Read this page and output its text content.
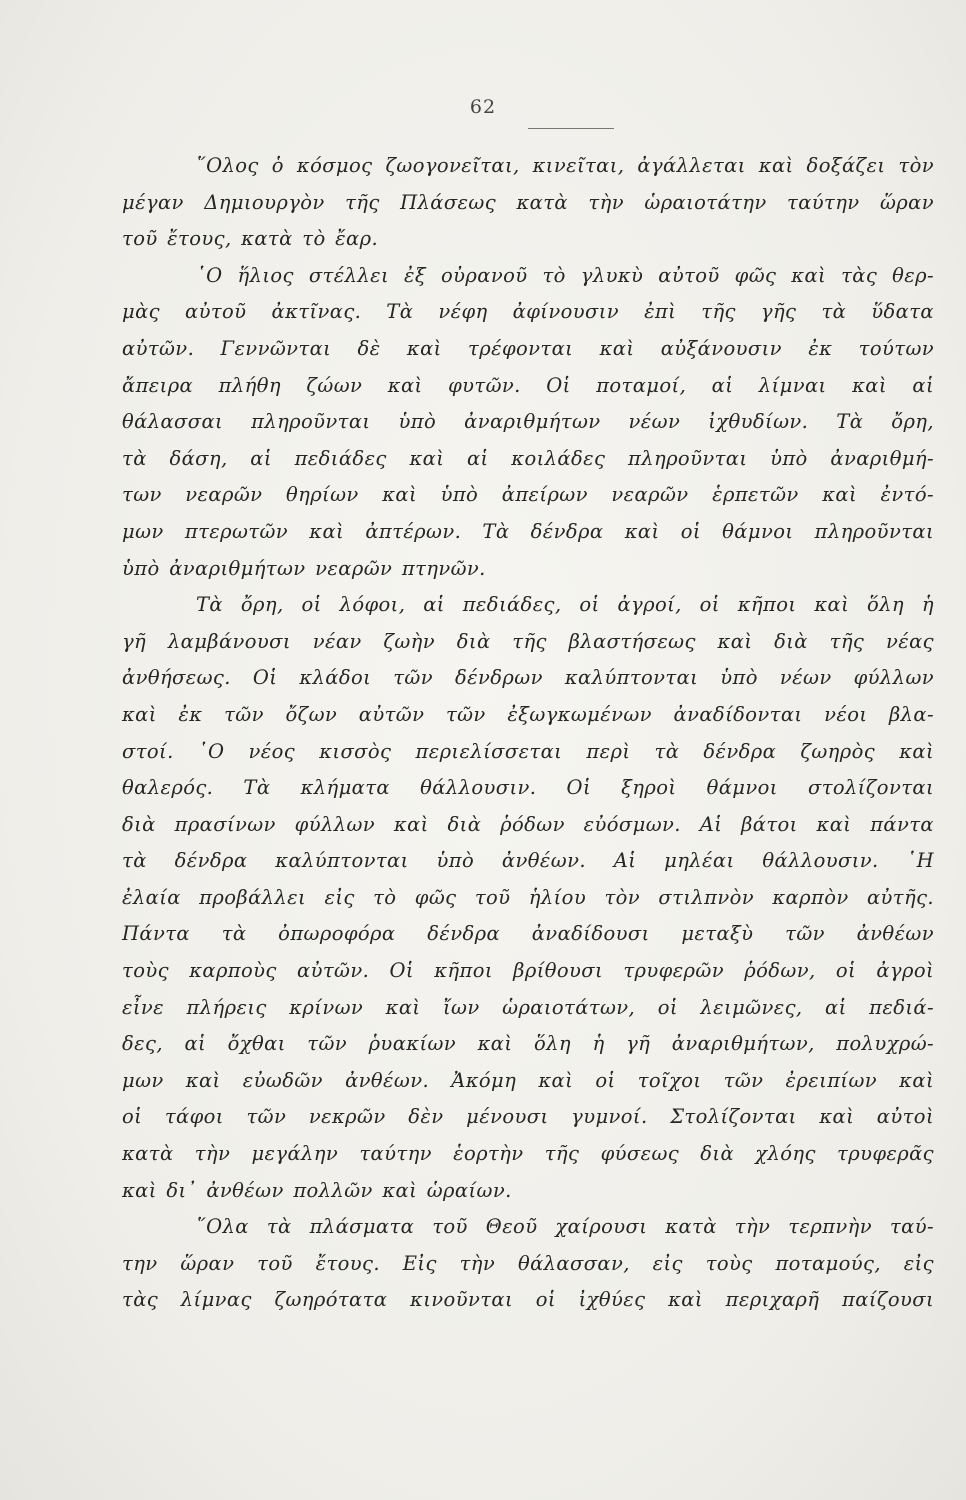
62
῞Ολος ὁ κόσμος ζωογονεῖται, κινεῖται, ἀγάλλεται καὶ δοξάζει τὸν
μέγαν Δημιουργὸν τῆς Πλάσεως κατὰ τὴν ὡραιοτάτην ταύτην ὥραν
τοῦ ἔτους, κατὰ τὸ ἔαρ.
῾Ο ἥλιος στέλλει ἐξ οὐρανοῦ τὸ γλυκὺ αὐτοῦ φῶς καὶ τὰς θερ-
μὰς αὐτοῦ ἀκτῖνας. Τὰ νέφη ἀφίνουσιν ἐπὶ τῆς γῆς τὰ ὕδατα
αὐτῶν. Γεννῶνται δὲ καὶ τρέφονται καὶ αὐξάνουσιν ἐκ τούτων
ἄπειρα πλήθη ζώων καὶ φυτῶν. Οἱ ποταμοί, αἱ λίμναι καὶ αἱ
θάλασσαι πληροῦνται ὑπὸ ἀναριθμήτων νέων ἰχθυδίων. Τὰ ὄρη,
τὰ δάση, αἱ πεδιάδες καὶ αἱ κοιλάδες πληροῦνται ὑπὸ ἀναριθμή-
των νεαρῶν θηρίων καὶ ὑπὸ ἀπείρων νεαρῶν ἑρπετῶν καὶ ἐντό-
μων πτερωτῶν καὶ ἀπτέρων. Τὰ δένδρα καὶ οἱ θάμνοι πληροῦνται
ὑπὸ ἀναριθμήτων νεαρῶν πτηνῶν.
Τὰ ὄρη, οἱ λόφοι, αἱ πεδιάδες, οἱ ἀγροί, οἱ κῆποι καὶ ὅλη ἡ
γῆ λαμβάνουσι νέαν ζωὴν διὰ τῆς βλαστήσεως καὶ διὰ τῆς νέας
ἀνθήσεως. Οἱ κλάδοι τῶν δένδρων καλύπτονται ὑπὸ νέων φύλλων
καὶ ἐκ τῶν ὄζων αὐτῶν τῶν ἐξωγκωμένων ἀναδίδονται νέοι βλα-
στοί. ῾Ο νέος κισσὸς περιελίσσεται περὶ τὰ δένδρα ζωηρὸς καὶ
θαλερός. Τὰ κλήματα θάλλουσιν. Οἱ ξηροὶ θάμνοι στολίζονται
διὰ πρασίνων φύλλων καὶ διὰ ῥόδων εὐόσμων. Αἱ βάτοι καὶ πάντα
τὰ δένδρα καλύπτονται ὑπὸ ἀνθέων. Αἱ μηλέαι θάλλουσιν. ῾Η
ἐλαία προβάλλει εἰς τὸ φῶς τοῦ ἡλίου τὸν στιλπνὸν καρπὸν αὐτῆς.
Πάντα τὰ ὀπωροφόρα δένδρα ἀναδίδουσι μεταξὺ τῶν ἀνθέων
τοὺς καρποὺς αὐτῶν. Οἱ κῆποι βρίθουσι τρυφερῶν ῥόδων, οἱ ἀγροὶ
εἶνε πλήρεις κρίνων καὶ ἴων ὡραιοτάτων, οἱ λειμῶνες, αἱ πεδιά-
δες, αἱ ὄχθαι τῶν ῥυακίων καὶ ὅλη ἡ γῆ ἀναριθμήτων, πολυχρώ-
μων καὶ εὐωδῶν ἀνθέων. Ἀκόμη καὶ οἱ τοῖχοι τῶν ἐρειπίων καὶ
οἱ τάφοι τῶν νεκρῶν δὲν μένουσι γυμνοί. Στολίζονται καὶ αὐτοὶ
κατὰ τὴν μεγάλην ταύτην ἑορτὴν τῆς φύσεως διὰ χλόης τρυφερᾶς
καὶ δι᾽ ἀνθέων πολλῶν καὶ ὡραίων.
῞Ολα τὰ πλάσματα τοῦ Θεοῦ χαίρουσι κατὰ τὴν τερπνὴν ταύ-
την ὥραν τοῦ ἔτους. Εἰς τὴν θάλασσαν, εἰς τοὺς ποταμούς, εἰς
τὰς λίμνας ζωηρότατα κινοῦνται οἱ ἰχθύες καὶ περιχαρῆ παίζουσι
